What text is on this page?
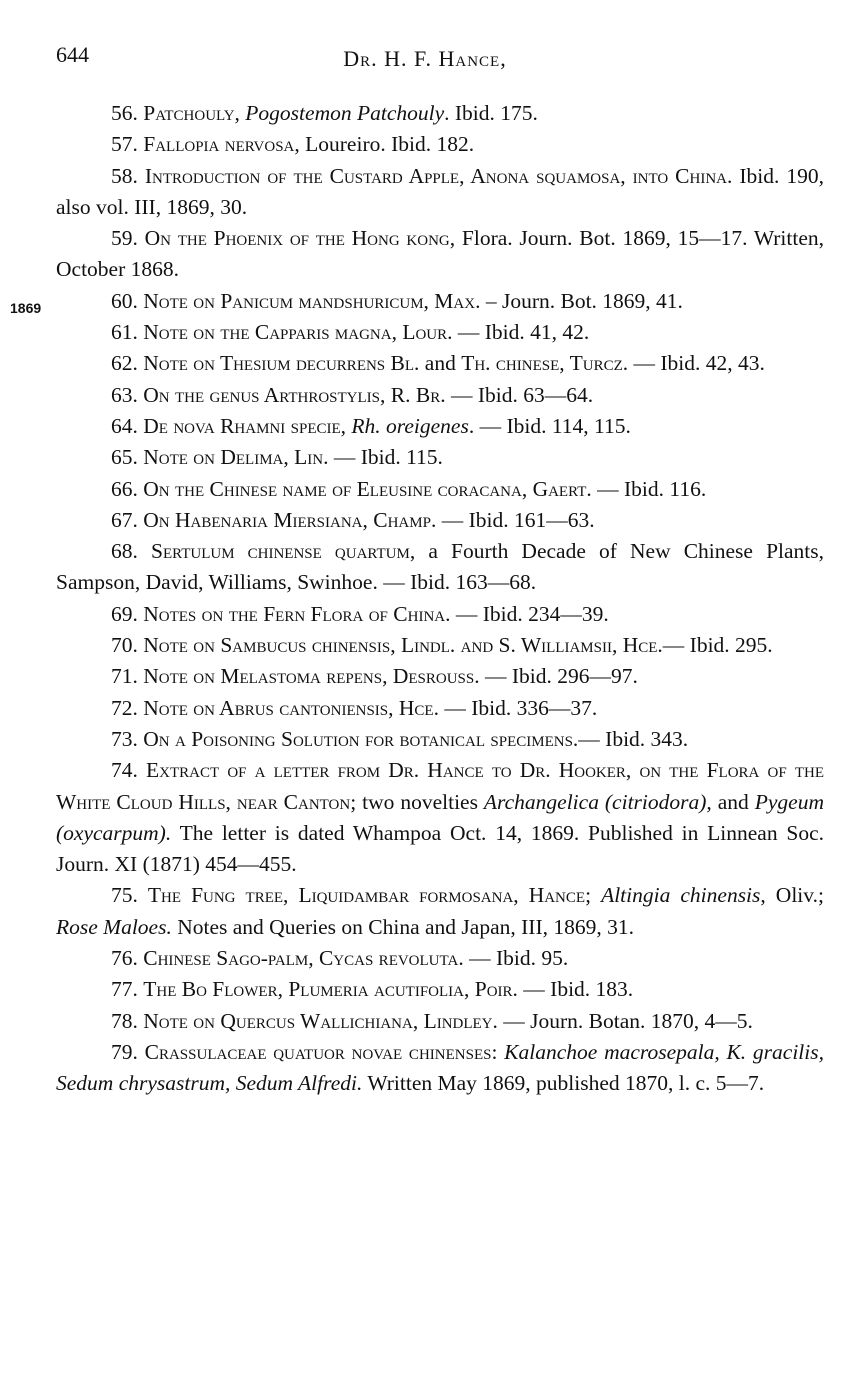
644	Dr. H. F. Hance,
1869

56. Patchouly, Pogostemon Patchouly. Ibid. 175.

57. Fallopia nervosa, Loureiro. Ibid. 182.

58. Introduction of the Custard Apple, Anona squamosa, into China. Ibid. 190, also vol. III, 1869, 30.

59. On the Phoenix of the Hong kong, Flora. Journ. Bot. 1869, 15—17. Written, October 1868.

60. Note on Panicum mandshuricum, Max. – Journ. Bot. 1869, 41.

61. Note on the Capparis magna, Lour. — Ibid. 41, 42.

62. Note on Thesium decurrens Bl. and Th. chinese, Turcz. — Ibid. 42, 43.

63. On the genus Arthrostylis, R. Br. — Ibid. 63—64.

64. De nova Rhamni specie, Rh. oreigenes. — Ibid. 114, 115.

65. Note on Delima, Lin. — Ibid. 115.

66. On the Chinese name of Eleusine coracana, Gaert. — Ibid. 116.

67. On Habenaria Miersiana, Champ. — Ibid. 161—63.

68. Sertulum chinense quartum, a Fourth Decade of New Chinese Plants, Sampson, David, Williams, Swinhoe. — Ibid. 163—68.

69. Notes on the Fern Flora of China. — Ibid. 234—39.

70. Note on Sambucus chinensis, Lindl. and S. Williamsii, Hce.— Ibid. 295.

71. Note on Melastoma repens, Desrouss. — Ibid. 296—97.

72. Note on Abrus cantoniensis, Hce. — Ibid. 336—37.

73. On a Poisoning Solution for botanical specimens.— Ibid. 343.

74. Extract of a letter from Dr. Hance to Dr. Hooker, on the Flora of the White Cloud Hills, near Canton; two novelties Archangelica (citriodora), and Pygeum (oxycarpum). The letter is dated Whampoa Oct. 14, 1869. Published in Linnean Soc. Journ. XI (1871) 454—455.

75. The Fung tree, Liquidambar formosana, Hance; Altingia chinensis, Oliv.; Rose Maloes. Notes and Queries on China and Japan, III, 1869, 31.

76. Chinese Sago-palm, Cycas revoluta. — Ibid. 95.

77. The Bo Flower, Plumeria acutifolia, Poir. — Ibid. 183.

78. Note on Quercus Wallichiana, Lindley. — Journ. Botan. 1870, 4—5.

79. Crassulaceae quatuor novae chinenses: Kalanchoe macrosepala, K. gracilis, Sedum chrysastrum, Sedum Alfredi. Written May 1869, published 1870, l. c. 5—7.
